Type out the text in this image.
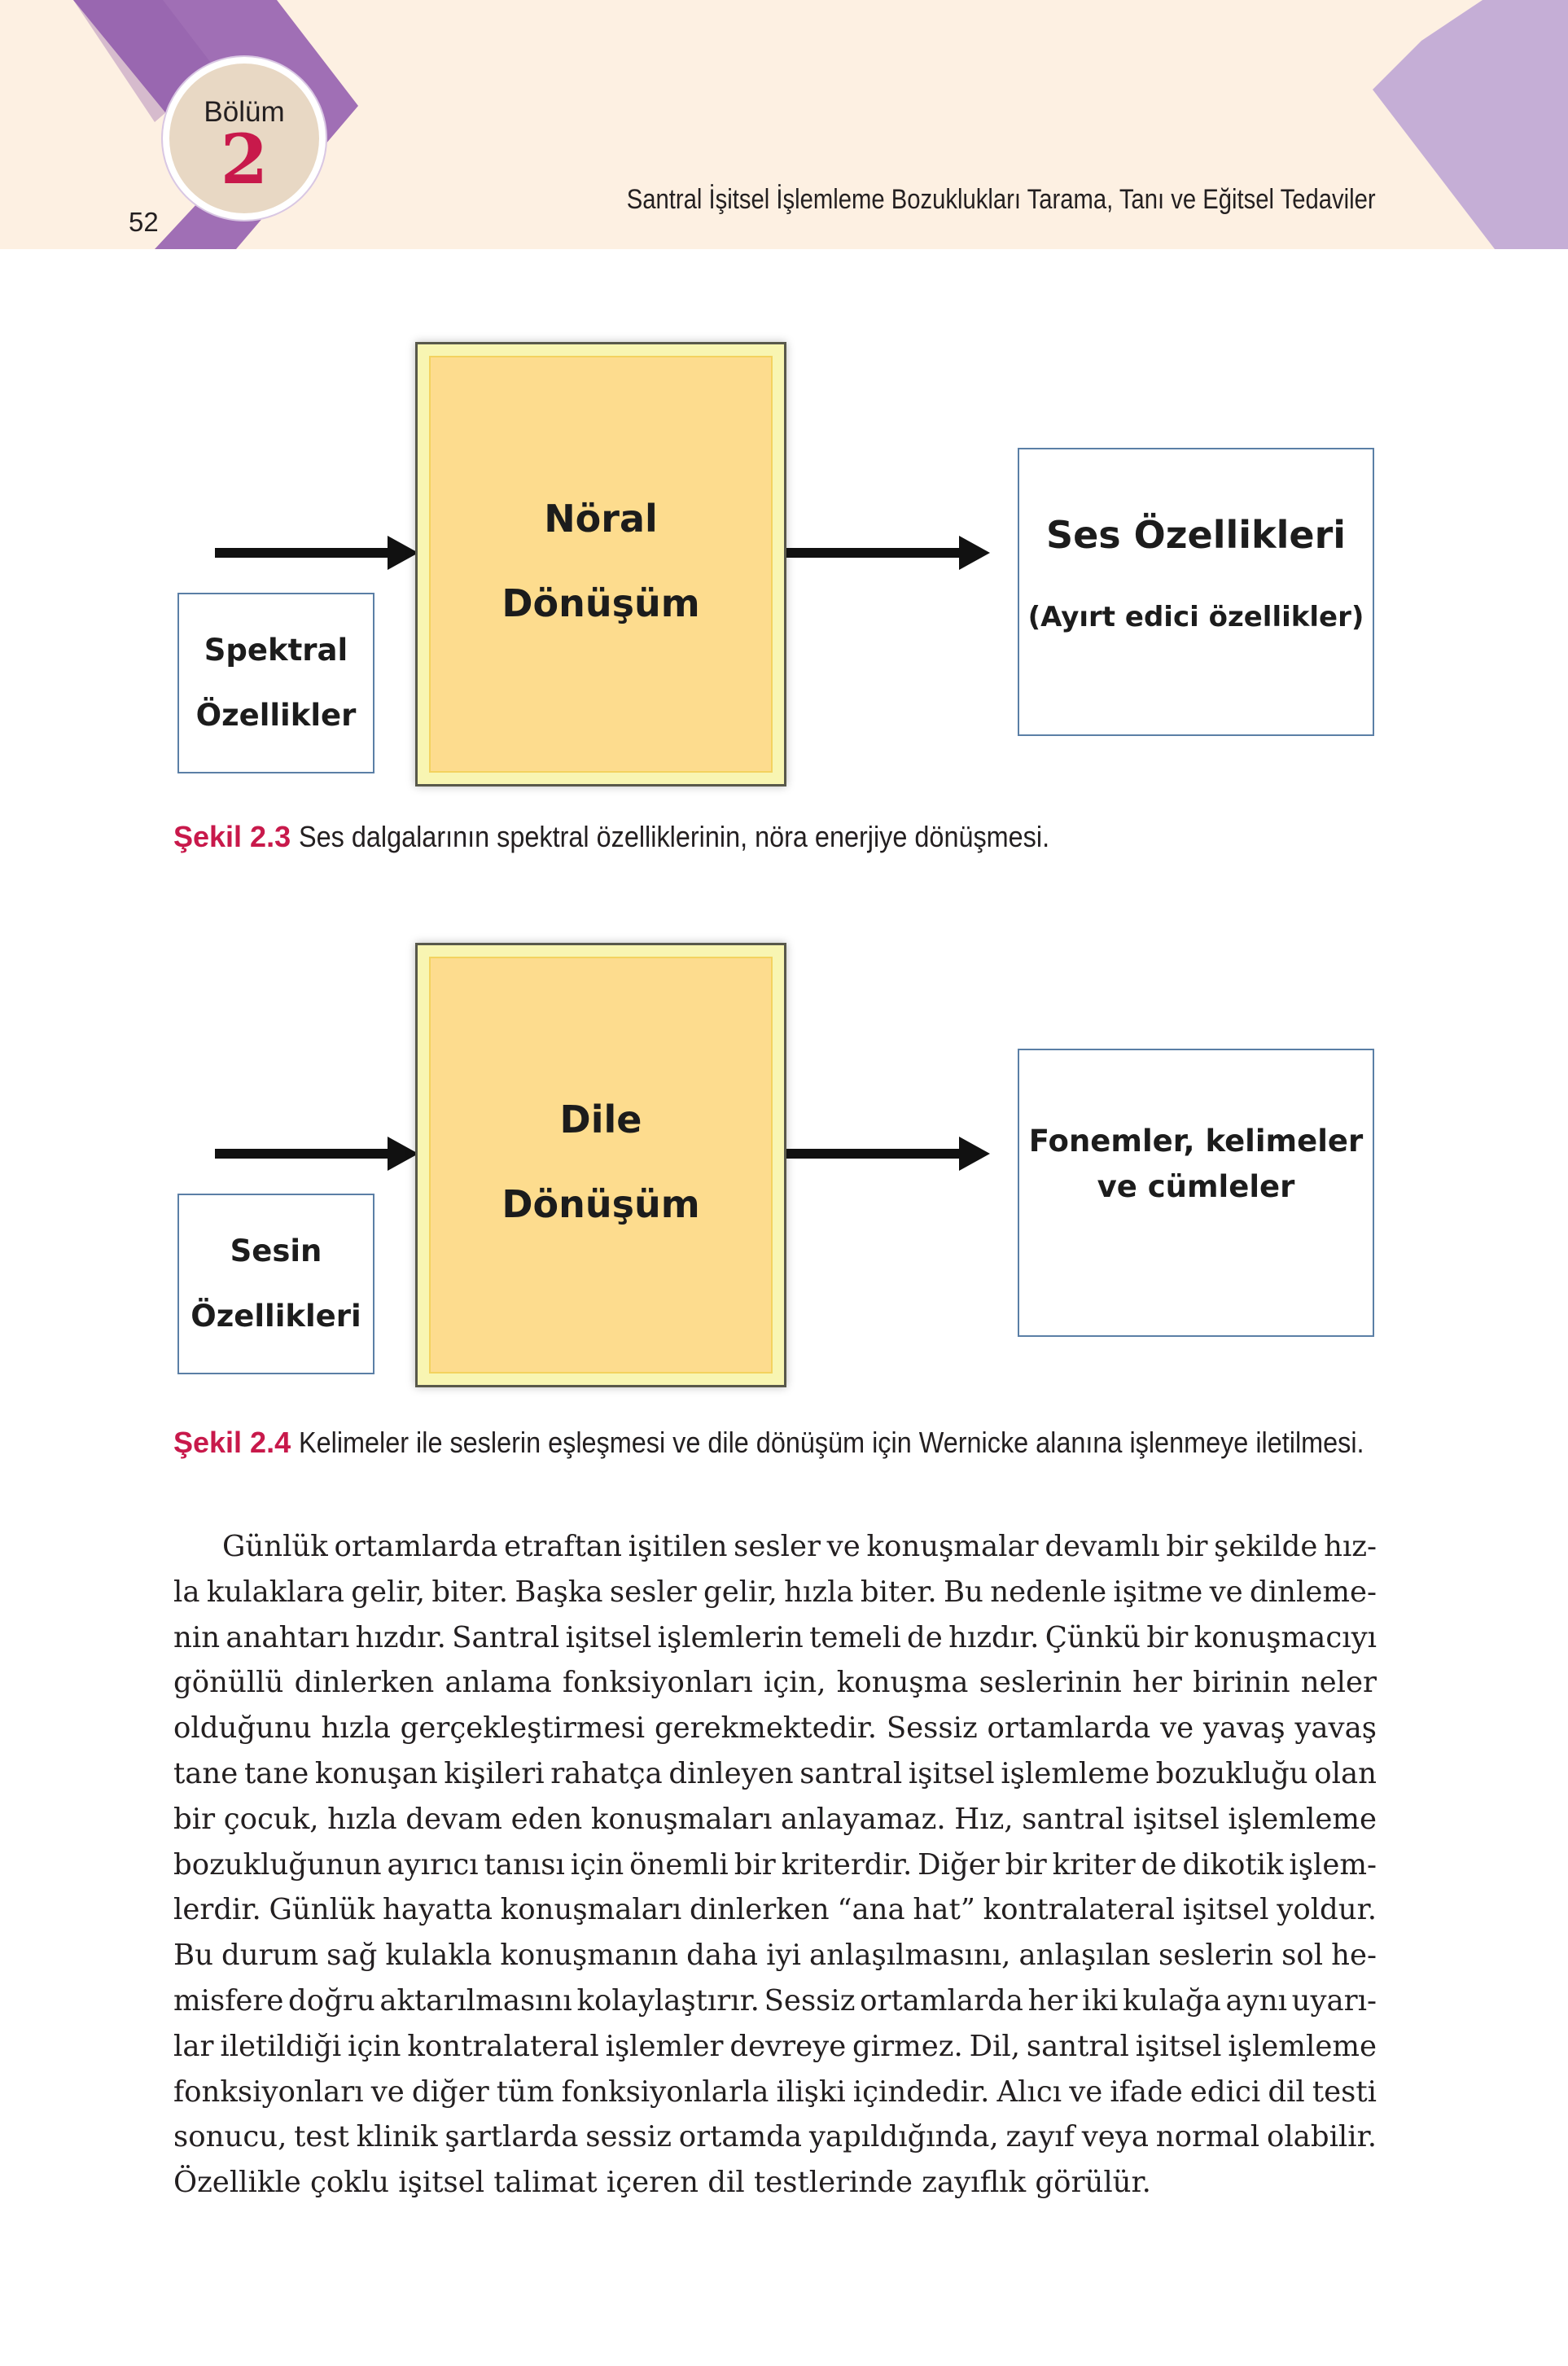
Bölüm
2
52
Santral İşitsel İşlemleme Bozuklukları Tarama, Tanı ve Eğitsel Tedaviler
Spektral
Özellikler
Nöral
Dönüşüm
Ses Özellikleri
(Ayırt edici özellikler)
Şekil 2.3 Ses dalgalarının spektral özelliklerinin, nöra enerjiye dönüşmesi.
Sesin
Özellikleri
Dile
Dönüşüm
Fonemler, kelimeler
ve cümleler
Şekil 2.4 Kelimeler ile seslerin eşleşmesi ve dile dönüşüm için Wernicke alanına işlenmeye iletilmesi.
Günlük ortamlarda etraftan işitilen sesler ve konuşmalar devamlı bir şekilde hız-
la kulaklara gelir, biter. Başka sesler gelir, hızla biter. Bu nedenle işitme ve dinleme-
nin anahtarı hızdır. Santral işitsel işlemlerin temeli de hızdır. Çünkü bir konuşmacıyı
gönüllü dinlerken anlama fonksiyonları için, konuşma seslerinin her birinin neler
olduğunu hızla gerçekleştirmesi gerekmektedir. Sessiz ortamlarda ve yavaş yavaş
tane tane konuşan kişileri rahatça dinleyen santral işitsel işlemleme bozukluğu olan
bir çocuk, hızla devam eden konuşmaları anlayamaz. Hız, santral işitsel işlemleme
bozukluğunun ayırıcı tanısı için önemli bir kriterdir. Diğer bir kriter de dikotik işlem-
lerdir. Günlük hayatta konuşmaları dinlerken “ana hat” kontralateral işitsel yoldur.
Bu durum sağ kulakla konuşmanın daha iyi anlaşılmasını, anlaşılan seslerin sol he-
misfere doğru aktarılmasını kolaylaştırır. Sessiz ortamlarda her iki kulağa aynı uyarı-
lar iletildiği için kontralateral işlemler devreye girmez. Dil, santral işitsel işlemleme
fonksiyonları ve diğer tüm fonksiyonlarla ilişki içindedir. Alıcı ve ifade edici dil testi
sonucu, test klinik şartlarda sessiz ortamda yapıldığında, zayıf veya normal olabilir.
Özellikle çoklu işitsel talimat içeren dil testlerinde zayıflık görülür.
